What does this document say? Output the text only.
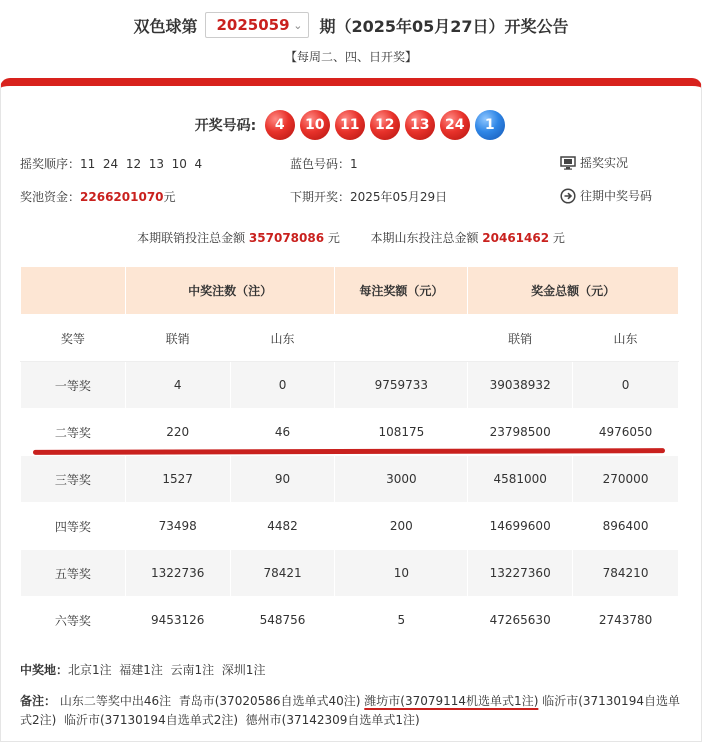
双色球第 2025059 ⌄ 期（2025年05月27日）开奖公告
【每周二、四、日开奖】
开奖号码:	4	10	11	12	13	24	1
摇奖顺序：11  24  12  13  10  4	蓝色号码：1	摇奖实况
奖池资金：2266201070元	下期开奖：2025年05月29日	往期中奖号码
本期联销投注总金额 357078086 元	本期山东投注总金额 20461462 元
	中奖注数（注）		每注奖额（元）	奖金总额（元）	
奖等	联销	山东		联销	山东
一等奖	4	0	9759733	39038932	0
二等奖	220	46	108175	23798500	4976050
三等奖	1527	90	3000	4581000	270000
四等奖	73498	4482	200	14699600	896400
五等奖	1322736	78421	10	13227360	784210
六等奖	9453126	548756	5	47265630	2743780
中奖地：北京1注  福建1注  云南1注  深圳1注
备注： 山东二等奖中出46注  青岛市(37020586自选单式40注) 潍坊市(37079114机选单式1注) 临沂市(37130194自选单式2注)  临沂市(37130194自选单式2注)  德州市(37142309自选单式1注)
